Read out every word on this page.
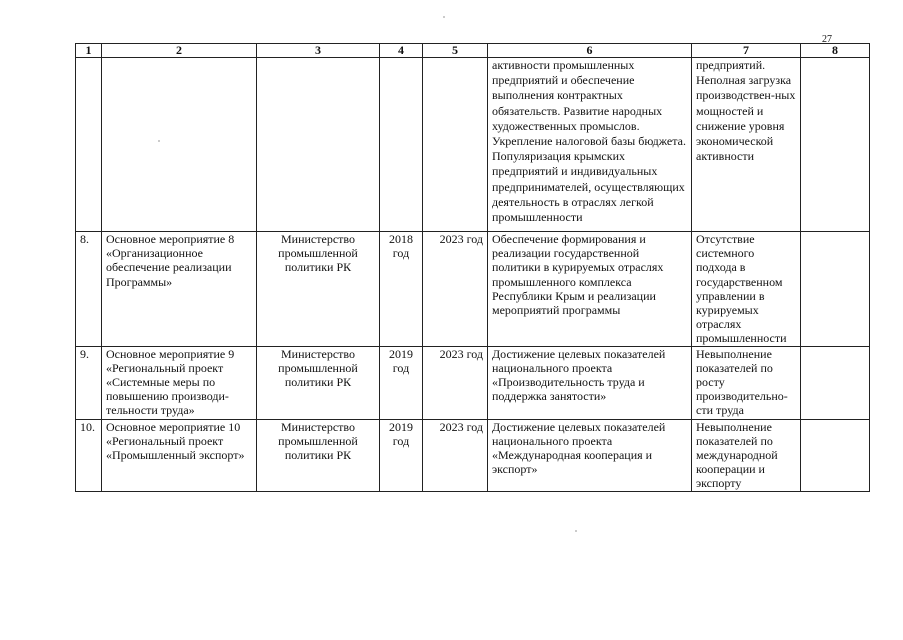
27
1	2	3	4	5	6	7	8

					активности промышленных предприятий и обеспечение выполнения контрактных обязательств. Развитие народных художественных промыслов. Укрепление налоговой базы бюджета.

Популяризация крымских предприятий и индивидуальных предпринимателей, осуществляющих деятельность в отраслях легкой промышленности	предприятий. Неполная загрузка производствен-ных мощностей и снижение уровня экономической активности	
8.	Основное мероприятие 8 «Организационное обеспечение реализации Программы»	Министерство промышленной политики РК	2018 год	2023 год	Обеспечение формирования и реализации государственной политики в курируемых отраслях промышленного комплекса Республики Крым и реализации мероприятий программы	Отсутствие системного подхода в государственном управлении в курируемых отраслях промышленности	
9.	Основное мероприятие 9 «Региональный проект «Системные меры по повышению производи-тельности труда»	Министерство промышленной политики РК	2019 год	2023 год	Достижение целевых показателей национального проекта «Производительность труда и поддержка занятости»	Невыполнение показателей по росту производительно-сти труда	
10.	Основное мероприятие 10 «Региональный проект «Промышленный экспорт»	Министерство промышленной политики РК	2019 год	2023 год	Достижение целевых показателей национального проекта «Международная кооперация и экспорт»	Невыполнение показателей по международной кооперации и экспорту	
